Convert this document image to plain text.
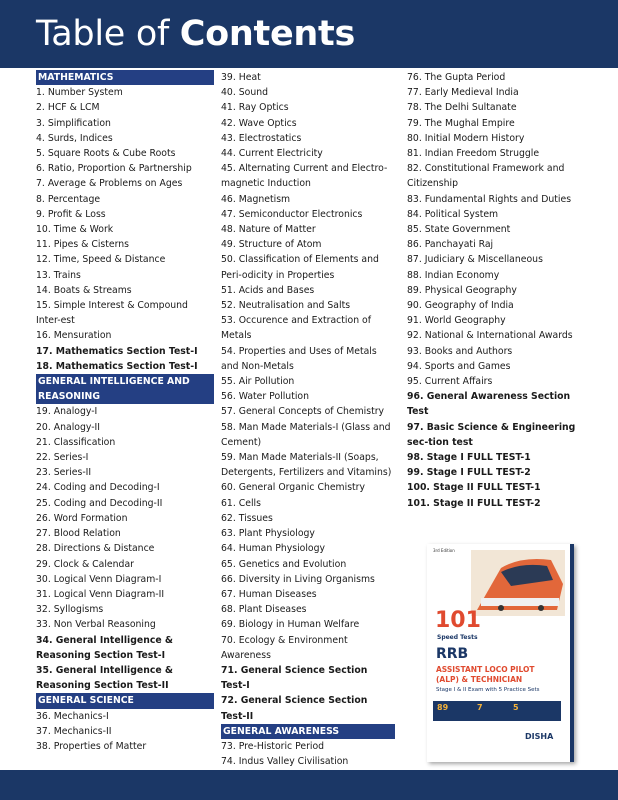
Table of Contents
MATHEMATICS
1. Number System
2. HCF & LCM
3. Simplification
4. Surds, Indices
5. Square Roots & Cube Roots
6. Ratio, Proportion & Partnership
7. Average & Problems on Ages
8. Percentage
9. Profit & Loss
10. Time & Work
11. Pipes & Cisterns
12. Time, Speed & Distance
13. Trains
14. Boats & Streams
15. Simple Interest & Compound Inter-est
16. Mensuration
17. Mathematics Section Test-I
18. Mathematics Section Test-I
GENERAL INTELLIGENCE AND REASONING
19. Analogy-I
20. Analogy-II
21. Classification
22. Series-I
23. Series-II
24. Coding and Decoding-I
25. Coding and Decoding-II
26. Word Formation
27. Blood Relation
28. Directions & Distance
29. Clock & Calendar
30. Logical Venn Diagram-I
31. Logical Venn Diagram-II
32. Syllogisms
33. Non Verbal Reasoning
34. General Intelligence & Reasoning Section Test-I
35. General Intelligence & Reasoning Section Test-II
GENERAL SCIENCE
36. Mechanics-I
37. Mechanics-II
38. Properties of Matter
39. Heat
40. Sound
41. Ray Optics
42. Wave Optics
43. Electrostatics
44. Current Electricity
45. Alternating Current and Electro-magnetic Induction
46. Magnetism
47. Semiconductor Electronics
48. Nature of Matter
49. Structure of Atom
50. Classification of Elements and Peri-odicity in Properties
51. Acids and Bases
52. Neutralisation and Salts
53. Occurence and Extraction of Metals
54. Properties and Uses of Metals and Non-Metals
55. Air Pollution
56. Water Pollution
57. General Concepts of Chemistry
58. Man Made Materials-I (Glass and Cement)
59. Man Made Materials-II (Soaps, Detergents, Fertilizers and Vitamins)
60. General Organic Chemistry
61. Cells
62. Tissues
63. Plant Physiology
64. Human Physiology
65. Genetics and Evolution
66. Diversity in Living Organisms
67. Human Diseases
68. Plant Diseases
69. Biology in Human Welfare
70. Ecology & Environment Awareness
71. General Science Section Test-I
72. General Science Section Test-II
GENERAL AWARENESS
73. Pre-Historic Period
74. Indus Valley Civilisation
76. The Gupta Period
77. Early Medieval India
78. The Delhi Sultanate
79. The Mughal Empire
80. Initial Modern History
81. Indian Freedom Struggle
82. Constitutional Framework and Citizenship
83. Fundamental Rights and Duties
84. Political System
85. State Government
86. Panchayati Raj
87. Judiciary & Miscellaneous
88. Indian Economy
89. Physical Geography
90. Geography of India
91. World Geography
92. National & International Awards
93. Books and Authors
94. Sports and Games
95. Current Affairs
96. General Awareness Section Test
97. Basic Science & Engineering sec-tion test
98. Stage I FULL TEST-1
99. Stage I FULL TEST-2
100. Stage II FULL TEST-1
101. Stage II FULL TEST-2
3rd Edition
101
Speed Tests
RRB
ASSISTANT LOCO PILOT
(ALP) & TECHNICIAN
Stage I & II Exam with 5 Practice Sets
89	7	5
DISHA
